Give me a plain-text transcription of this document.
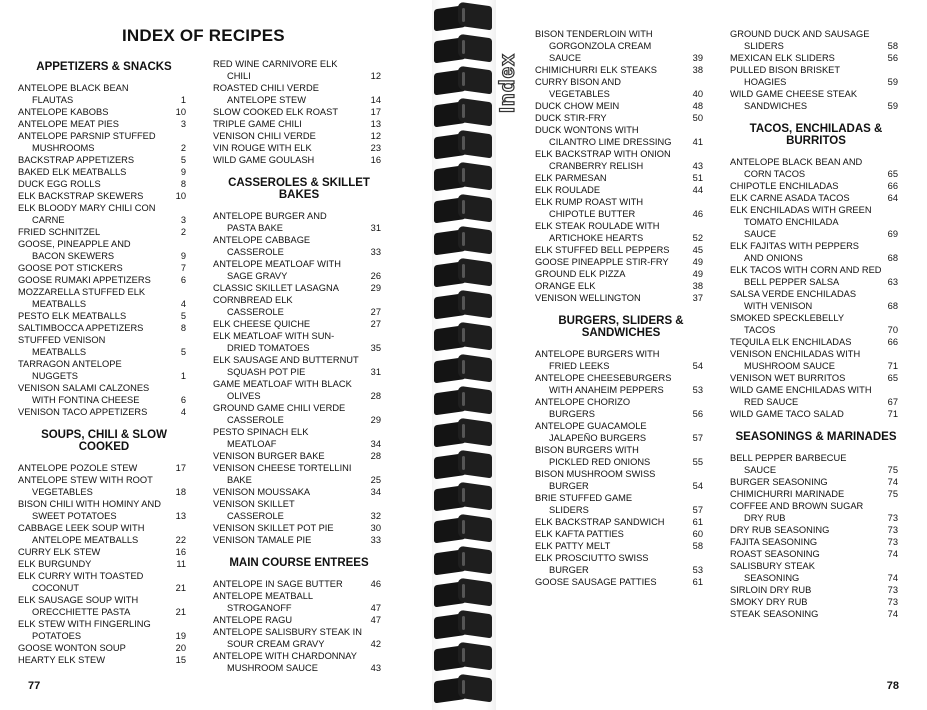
INDEX OF RECIPES
77	78
Index
APPETIZERS & SNACKS
ANTELOPE BLACK BEAN
FLAUTAS	1
ANTELOPE KABOBS	10
ANTELOPE MEAT PIES	3
ANTELOPE PARSNIP STUFFED
MUSHROOMS	2
BACKSTRAP APPETIZERS	5
BAKED ELK MEATBALLS	9
DUCK EGG ROLLS	8
ELK BACKSTRAP SKEWERS	10
ELK BLOODY MARY CHILI CON
CARNE	3
FRIED SCHNITZEL	2
GOOSE, PINEAPPLE AND
BACON SKEWERS	9
GOOSE POT STICKERS	7
GOOSE RUMAKI APPETIZERS	6
MOZZARELLA STUFFED ELK
MEATBALLS	4
PESTO ELK MEATBALLS	5
SALTIMBOCCA APPETIZERS	8
STUFFED VENISON
MEATBALLS	5
TARRAGON ANTELOPE
NUGGETS	1
VENISON SALAMI CALZONES
WITH FONTINA CHEESE	6
VENISON TACO APPETIZERS	4
SOUPS, CHILI & SLOW COOKED
ANTELOPE POZOLE STEW	17
ANTELOPE STEW WITH ROOT
VEGETABLES	18
BISON CHILI WITH HOMINY AND
SWEET POTATOES	13
CABBAGE LEEK SOUP WITH
ANTELOPE MEATBALLS	22
CURRY ELK STEW	16
ELK BURGUNDY	11
ELK CURRY WITH TOASTED
COCONUT	21
ELK SAUSAGE SOUP WITH
ORECCHIETTE PASTA	21
ELK STEW WITH FINGERLING
POTATOES	19
GOOSE WONTON SOUP	20
HEARTY ELK STEW	15
RED WINE CARNIVORE ELK
CHILI	12
ROASTED CHILI VERDE
ANTELOPE STEW	14
SLOW COOKED ELK ROAST	17
TRIPLE GAME CHILI	13
VENISON CHILI VERDE	12
VIN ROUGE WITH ELK	23
WILD GAME GOULASH	16
CASSEROLES & SKILLET BAKES
ANTELOPE BURGER AND
PASTA BAKE	31
ANTELOPE CABBAGE
CASSEROLE	33
ANTELOPE MEATLOAF WITH
SAGE GRAVY	26
CLASSIC SKILLET LASAGNA	29
CORNBREAD ELK
CASSEROLE	27
ELK CHEESE QUICHE	27
ELK MEATLOAF WITH SUN-
DRIED TOMATOES	35
ELK SAUSAGE AND BUTTERNUT
SQUASH POT PIE	31
GAME MEATLOAF WITH BLACK
OLIVES	28
GROUND GAME CHILI VERDE
CASSEROLE	29
PESTO SPINACH ELK
MEATLOAF	34
VENISON BURGER BAKE	28
VENISON CHEESE TORTELLINI
BAKE	25
VENISON MOUSSAKA	34
VENISON SKILLET
CASSEROLE	32
VENISON SKILLET POT PIE	30
VENISON TAMALE PIE	33
MAIN COURSE ENTREES
ANTELOPE IN SAGE BUTTER	46
ANTELOPE MEATBALL
STROGANOFF	47
ANTELOPE RAGU	47
ANTELOPE SALISBURY STEAK IN
SOUR CREAM GRAVY	42
ANTELOPE WITH CHARDONNAY
MUSHROOM SAUCE	43
BISON TENDERLOIN WITH
GORGONZOLA CREAM
SAUCE	39
CHIMICHURRI ELK STEAKS	38
CURRY BISON AND
VEGETABLES	40
DUCK CHOW MEIN	48
DUCK STIR-FRY	50
DUCK WONTONS WITH
CILANTRO LIME DRESSING	41
ELK BACKSTRAP WITH ONION
CRANBERRY RELISH	43
ELK PARMESAN	51
ELK ROULADE	44
ELK RUMP ROAST WITH
CHIPOTLE BUTTER	46
ELK STEAK ROULADE WITH
ARTICHOKE HEARTS	52
ELK STUFFED BELL PEPPERS	45
GOOSE PINEAPPLE STIR-FRY	49
GROUND ELK PIZZA	49
ORANGE ELK	38
VENISON WELLINGTON	37
BURGERS, SLIDERS & SANDWICHES
ANTELOPE BURGERS WITH
FRIED LEEKS	54
ANTELOPE CHEESEBURGERS
WITH ANAHEIM PEPPERS	53
ANTELOPE CHORIZO
BURGERS	56
ANTELOPE GUACAMOLE
JALAPEÑO BURGERS	57
BISON BURGERS WITH
PICKLED RED ONIONS	55
BISON MUSHROOM SWISS
BURGER	54
BRIE STUFFED GAME
SLIDERS	57
ELK BACKSTRAP SANDWICH	61
ELK KAFTA PATTIES	60
ELK PATTY MELT	58
ELK PROSCIUTTO SWISS
BURGER	53
GOOSE SAUSAGE PATTIES	61
GROUND DUCK AND SAUSAGE
SLIDERS	58
MEXICAN ELK SLIDERS	56
PULLED BISON BRISKET
HOAGIES	59
WILD GAME CHEESE STEAK
SANDWICHES	59
TACOS, ENCHILADAS & BURRITOS
ANTELOPE BLACK BEAN AND
CORN TACOS	65
CHIPOTLE ENCHILADAS	66
ELK CARNE ASADA TACOS	64
ELK ENCHILADAS WITH GREEN
TOMATO ENCHILADA
SAUCE	69
ELK FAJITAS WITH PEPPERS
AND ONIONS	68
ELK TACOS WITH CORN AND RED
BELL PEPPER SALSA	63
SALSA VERDE ENCHILADAS
WITH VENISON	68
SMOKED SPECKLEBELLY
TACOS	70
TEQUILA ELK ENCHILADAS	66
VENISON ENCHILADAS WITH
MUSHROOM SAUCE	71
VENISON WET BURRITOS	65
WILD GAME ENCHILADAS WITH
RED SAUCE	67
WILD GAME TACO SALAD	71
SEASONINGS & MARINADES
BELL PEPPER BARBECUE
SAUCE	75
BURGER SEASONING	74
CHIMICHURRI MARINADE	75
COFFEE AND BROWN SUGAR
DRY RUB	73
DRY RUB SEASONING	73
FAJITA SEASONING	73
ROAST SEASONING	74
SALISBURY STEAK
SEASONING	74
SIRLOIN DRY RUB	73
SMOKY DRY RUB	73
STEAK SEASONING	74
